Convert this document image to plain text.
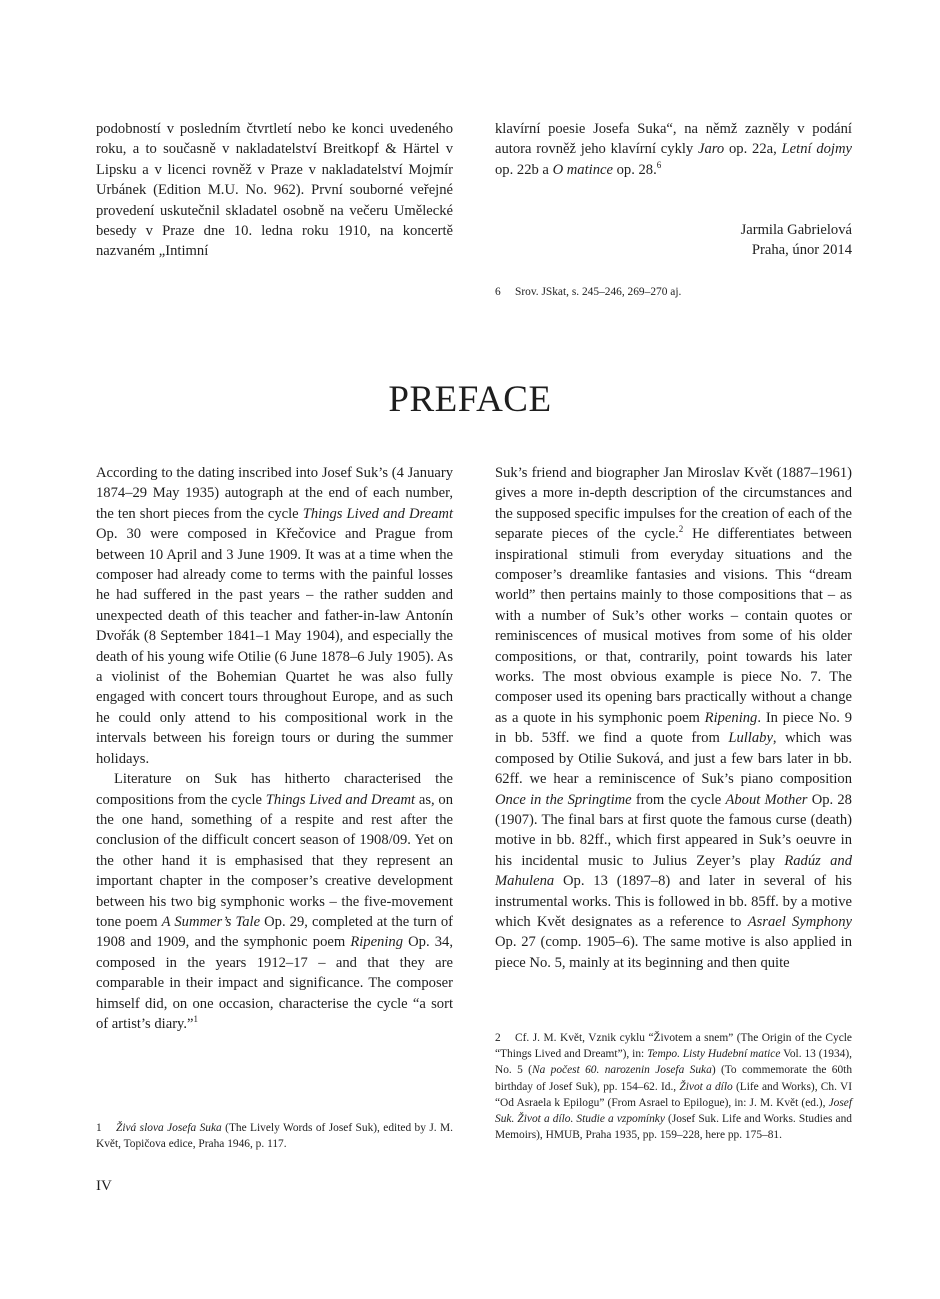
podobností v posledním čtvrtletí nebo ke konci uvedeného roku, a to současně v nakladatelství Breitkopf & Härtel v Lipsku a v licenci rovněž v Praze v nakladatelství Mojmír Urbánek (Edition M.U. No. 962). První souborné veřejné provedení uskutečnil skladatel osobně na večeru Umělecké besedy v Praze dne 10. ledna roku 1910, na koncertě nazvaném „Intimní

klavírní poesie Josefa Suka“, na němž zazněly v podání autora rovněž jeho klavírní cykly Jaro op. 22a, Letní dojmy op. 22b a O matince op. 28.$^6$

Jarmila Gabrielová
Praha, únor 2014

6 Srov. JSkat, s. 245–246, 269–270 aj.

PREFACE

According to the dating inscribed into Josef Suk’s (4 January 1874–29 May 1935) autograph at the end of each number, the ten short pieces from the cycle Things Lived and Dreamt Op. 30 were composed in Křečovice and Prague from between 10 April and 3 June 1909. It was at a time when the composer had already come to terms with the painful losses he had suffered in the past years – the rather sudden and unexpected death of this teacher and father-in-law Antonín Dvořák (8 September 1841–1 May 1904), and especially the death of his young wife Otilie (6 June 1878–6 July 1905). As a violinist of the Bohemian Quartet he was also fully engaged with concert tours throughout Europe, and as such he could only attend to his compositional work in the intervals between his foreign tours or during the summer holidays.

Literature on Suk has hitherto characterised the compositions from the cycle Things Lived and Dreamt as, on the one hand, something of a respite and rest after the conclusion of the difficult concert season of 1908/09. Yet on the other hand it is emphasised that they represent an important chapter in the composer’s creative development between his two big symphonic works – the five-movement tone poem A Summer’s Tale Op. 29, completed at the turn of 1908 and 1909, and the symphonic poem Ripening Op. 34, composed in the years 1912–17 – and that they are comparable in their impact and significance. The composer himself did, on one occasion, characterise the cycle “a sort of artist’s diary.”$^1$

Suk’s friend and biographer Jan Miroslav Květ (1887–1961) gives a more in-depth description of the circumstances and the supposed specific impulses for the creation of each of the separate pieces of the cycle.$^2$ He differentiates between inspirational stimuli from everyday situations and the composer’s dreamlike fantasies and visions. This “dream world” then pertains mainly to those compositions that – as with a number of Suk’s other works – contain quotes or reminiscences of musical motives from some of his older compositions, or that, contrarily, point towards his later works. The most obvious example is piece No. 7. The composer used its opening bars practically without a change as a quote in his symphonic poem Ripening. In piece No. 9 in bb. 53ff. we find a quote from Lullaby, which was composed by Otilie Suková, and just a few bars later in bb. 62ff. we hear a reminiscence of Suk’s piano composition Once in the Springtime from the cycle About Mother Op. 28 (1907). The final bars at first quote the famous curse (death) motive in bb. 82ff., which first appeared in Suk’s oeuvre in his incidental music to Julius Zeyer’s play Radúz and Mahulena Op. 13 (1897–8) and later in several of his instrumental works. This is followed in bb. 85ff. by a motive which Květ designates as a reference to Asrael Symphony Op. 27 (comp. 1905–6). The same motive is also applied in piece No. 5, mainly at its beginning and then quite

1 Živá slova Josefa Suka (The Lively Words of Josef Suk), edited by J. M. Květ, Topičova edice, Praha 1946, p. 117.

2 Cf. J. M. Květ, Vznik cyklu “Životem a snem” (The Origin of the Cycle “Things Lived and Dreamt”), in: Tempo. Listy Hudební matice Vol. 13 (1934), No. 5 (Na počest 60. narozenin Josefa Suka) (To commemorate the 60th birthday of Josef Suk), pp. 154–62. Id., Život a dílo (Life and Works), Ch. VI “Od Asraela k Epilogu” (From Asrael to Epilogue), in: J. M. Květ (ed.), Josef Suk. Život a dílo. Studie a vzpomínky (Josef Suk. Life and Works. Studies and Memoirs), HMUB, Praha 1935, pp. 159–228, here pp. 175–81.

IV
